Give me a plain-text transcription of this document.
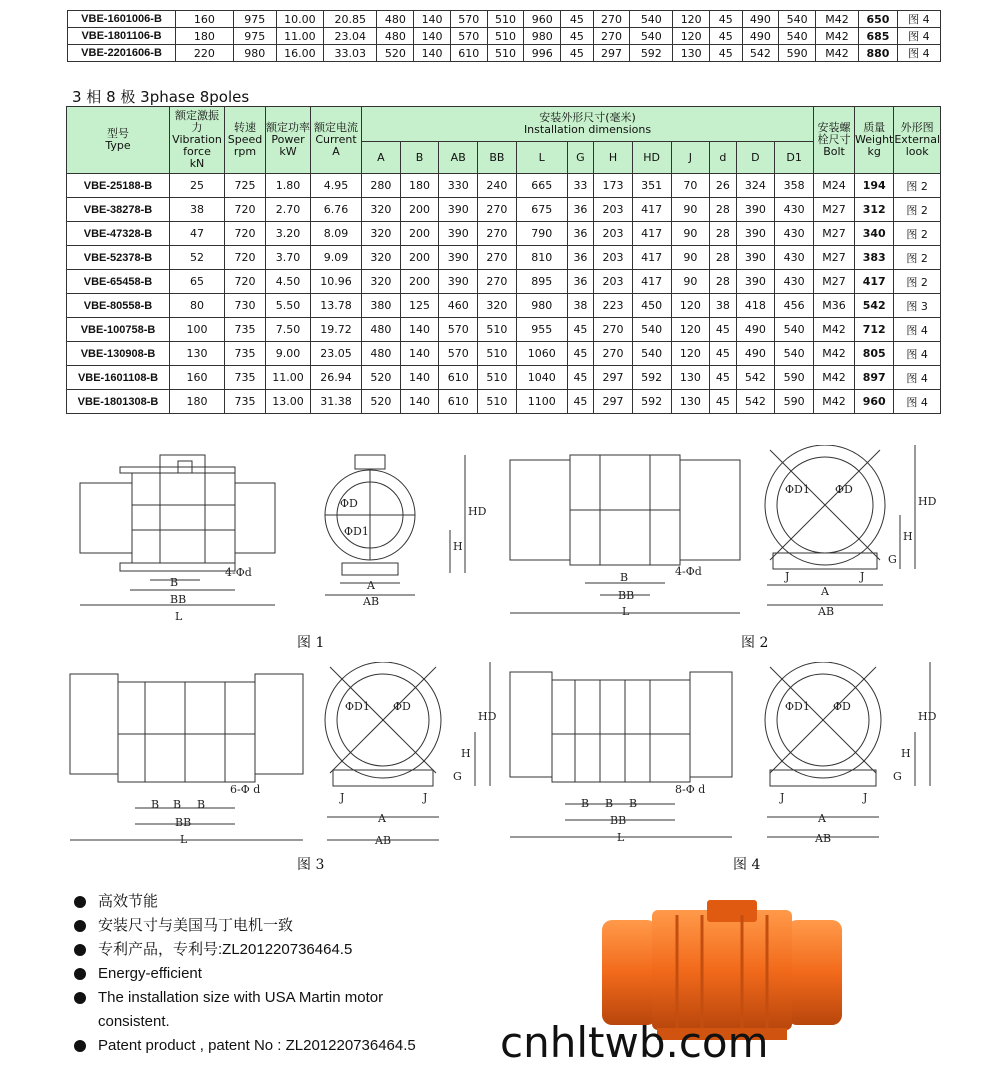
VBE-1601006-B	160	975	10.00	20.85	480	140	570	510	960	45	270	540	120	45	490	540	M42	650	图 4
VBE-1801106-B	180	975	11.00	23.04	480	140	570	510	980	45	270	540	120	45	490	540	M42	685	图 4
VBE-2201606-B	220	980	16.00	33.03	520	140	610	510	996	45	297	592	130	45	542	590	M42	880	图 4
3 相 8 极 3phase 8poles
型号
Type	额定激振力
Vibration force
kN	转速
Speed
rpm	额定功率
Power
kW	额定电流
Current
A	安装外形尺寸(毫米)
Installation dimensions												安装螺栓尺寸
Bolt	质量
Weight
kg	外形图
External
look
					A	B	AB	BB	L	G	H	HD	J	d	D	D1			
VBE-25188-B	25	725	1.80	4.95	280	180	330	240	665	33	173	351	70	26	324	358	M24	194	图 2
VBE-38278-B	38	720	2.70	6.76	320	200	390	270	675	36	203	417	90	28	390	430	M27	312	图 2
VBE-47328-B	47	720	3.20	8.09	320	200	390	270	790	36	203	417	90	28	390	430	M27	340	图 2
VBE-52378-B	52	720	3.70	9.09	320	200	390	270	810	36	203	417	90	28	390	430	M27	383	图 2
VBE-65458-B	65	720	4.50	10.96	320	200	390	270	895	36	203	417	90	28	390	430	M27	417	图 2
VBE-80558-B	80	730	5.50	13.78	380	125	460	320	980	38	223	450	120	38	418	456	M36	542	图 3
VBE-100758-B	100	735	7.50	19.72	480	140	570	510	955	45	270	540	120	45	490	540	M42	712	图 4
VBE-130908-B	130	735	9.00	23.05	480	140	570	510	1060	45	270	540	120	45	490	540	M42	805	图 4
VBE-1601108-B	160	735	11.00	26.94	520	140	610	510	1040	45	297	592	130	45	542	590	M42	897	图 4
VBE-1801308-B	180	735	13.00	31.38	520	140	610	510	1100	45	297	592	130	45	542	590	M42	960	图 4
B
BB
L
4-Φd
A
AB
ΦD
ΦD1
HD
H
图 1
B
BB
L
4-Φd
A
AB
J	J
ΦD1 ΦD
HD
H
G
图 2
B B B
BB
L
6-Φ d
A
AB
J	J
ΦD1 ΦD
HD
H
G
图 3
B B B
BB
L
8-Φ d
A
AB
J	J
ΦD1 ΦD
HD
H
G
图 4
高效节能
安装尺寸与美国马丁电机一致
专利产品，专利号:ZL201220736464.5
Energy-efficient
The installation size with USA Martin motor consistent.
Patent product , patent No : ZL201220736464.5	cnhltwb.com
